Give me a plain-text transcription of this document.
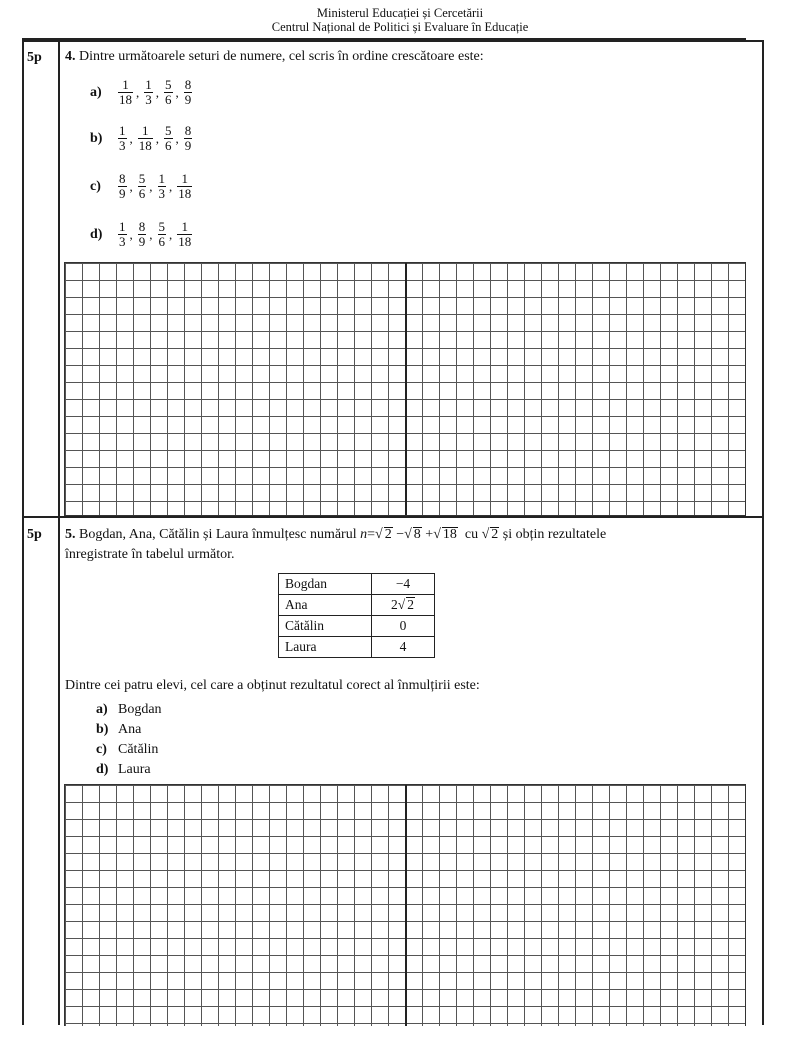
Ministerul Educației și Cercetării
Centrul Național de Politici și Evaluare în Educație
5p 4. Dintre următoarele seturi de numere, cel scris în ordine crescătoare este:
a)	$\frac{1}{18}$ , $\frac{1}{3}$ , $\frac{5}{6}$ , $\frac{8}{9}$
b)	$\frac{1}{3}$ , $\frac{1}{18}$ , $\frac{5}{6}$ , $\frac{8}{9}$
c)	$\frac{8}{9}$ , $\frac{5}{6}$ , $\frac{1}{3}$ , $\frac{1}{18}$
d)	$\frac{1}{3}$ , $\frac{8}{9}$ , $\frac{5}{6}$ , $\frac{1}{18}$
5p 5. Bogdan, Ana, Cătălin și Laura înmulțesc numărul n=√ 2 −√ 8 +√ 18 cu √ 2 și obțin rezultatele
înregistrate în tabelul următor.
Bogdan	−4
Ana	2√ 2
Cătălin	0
Laura	4
Dintre cei patru elevi, cel care a obținut rezultatul corect al înmulțirii este:
a) Bogdan
b) Ana
c) Cătălin
d) Laura
